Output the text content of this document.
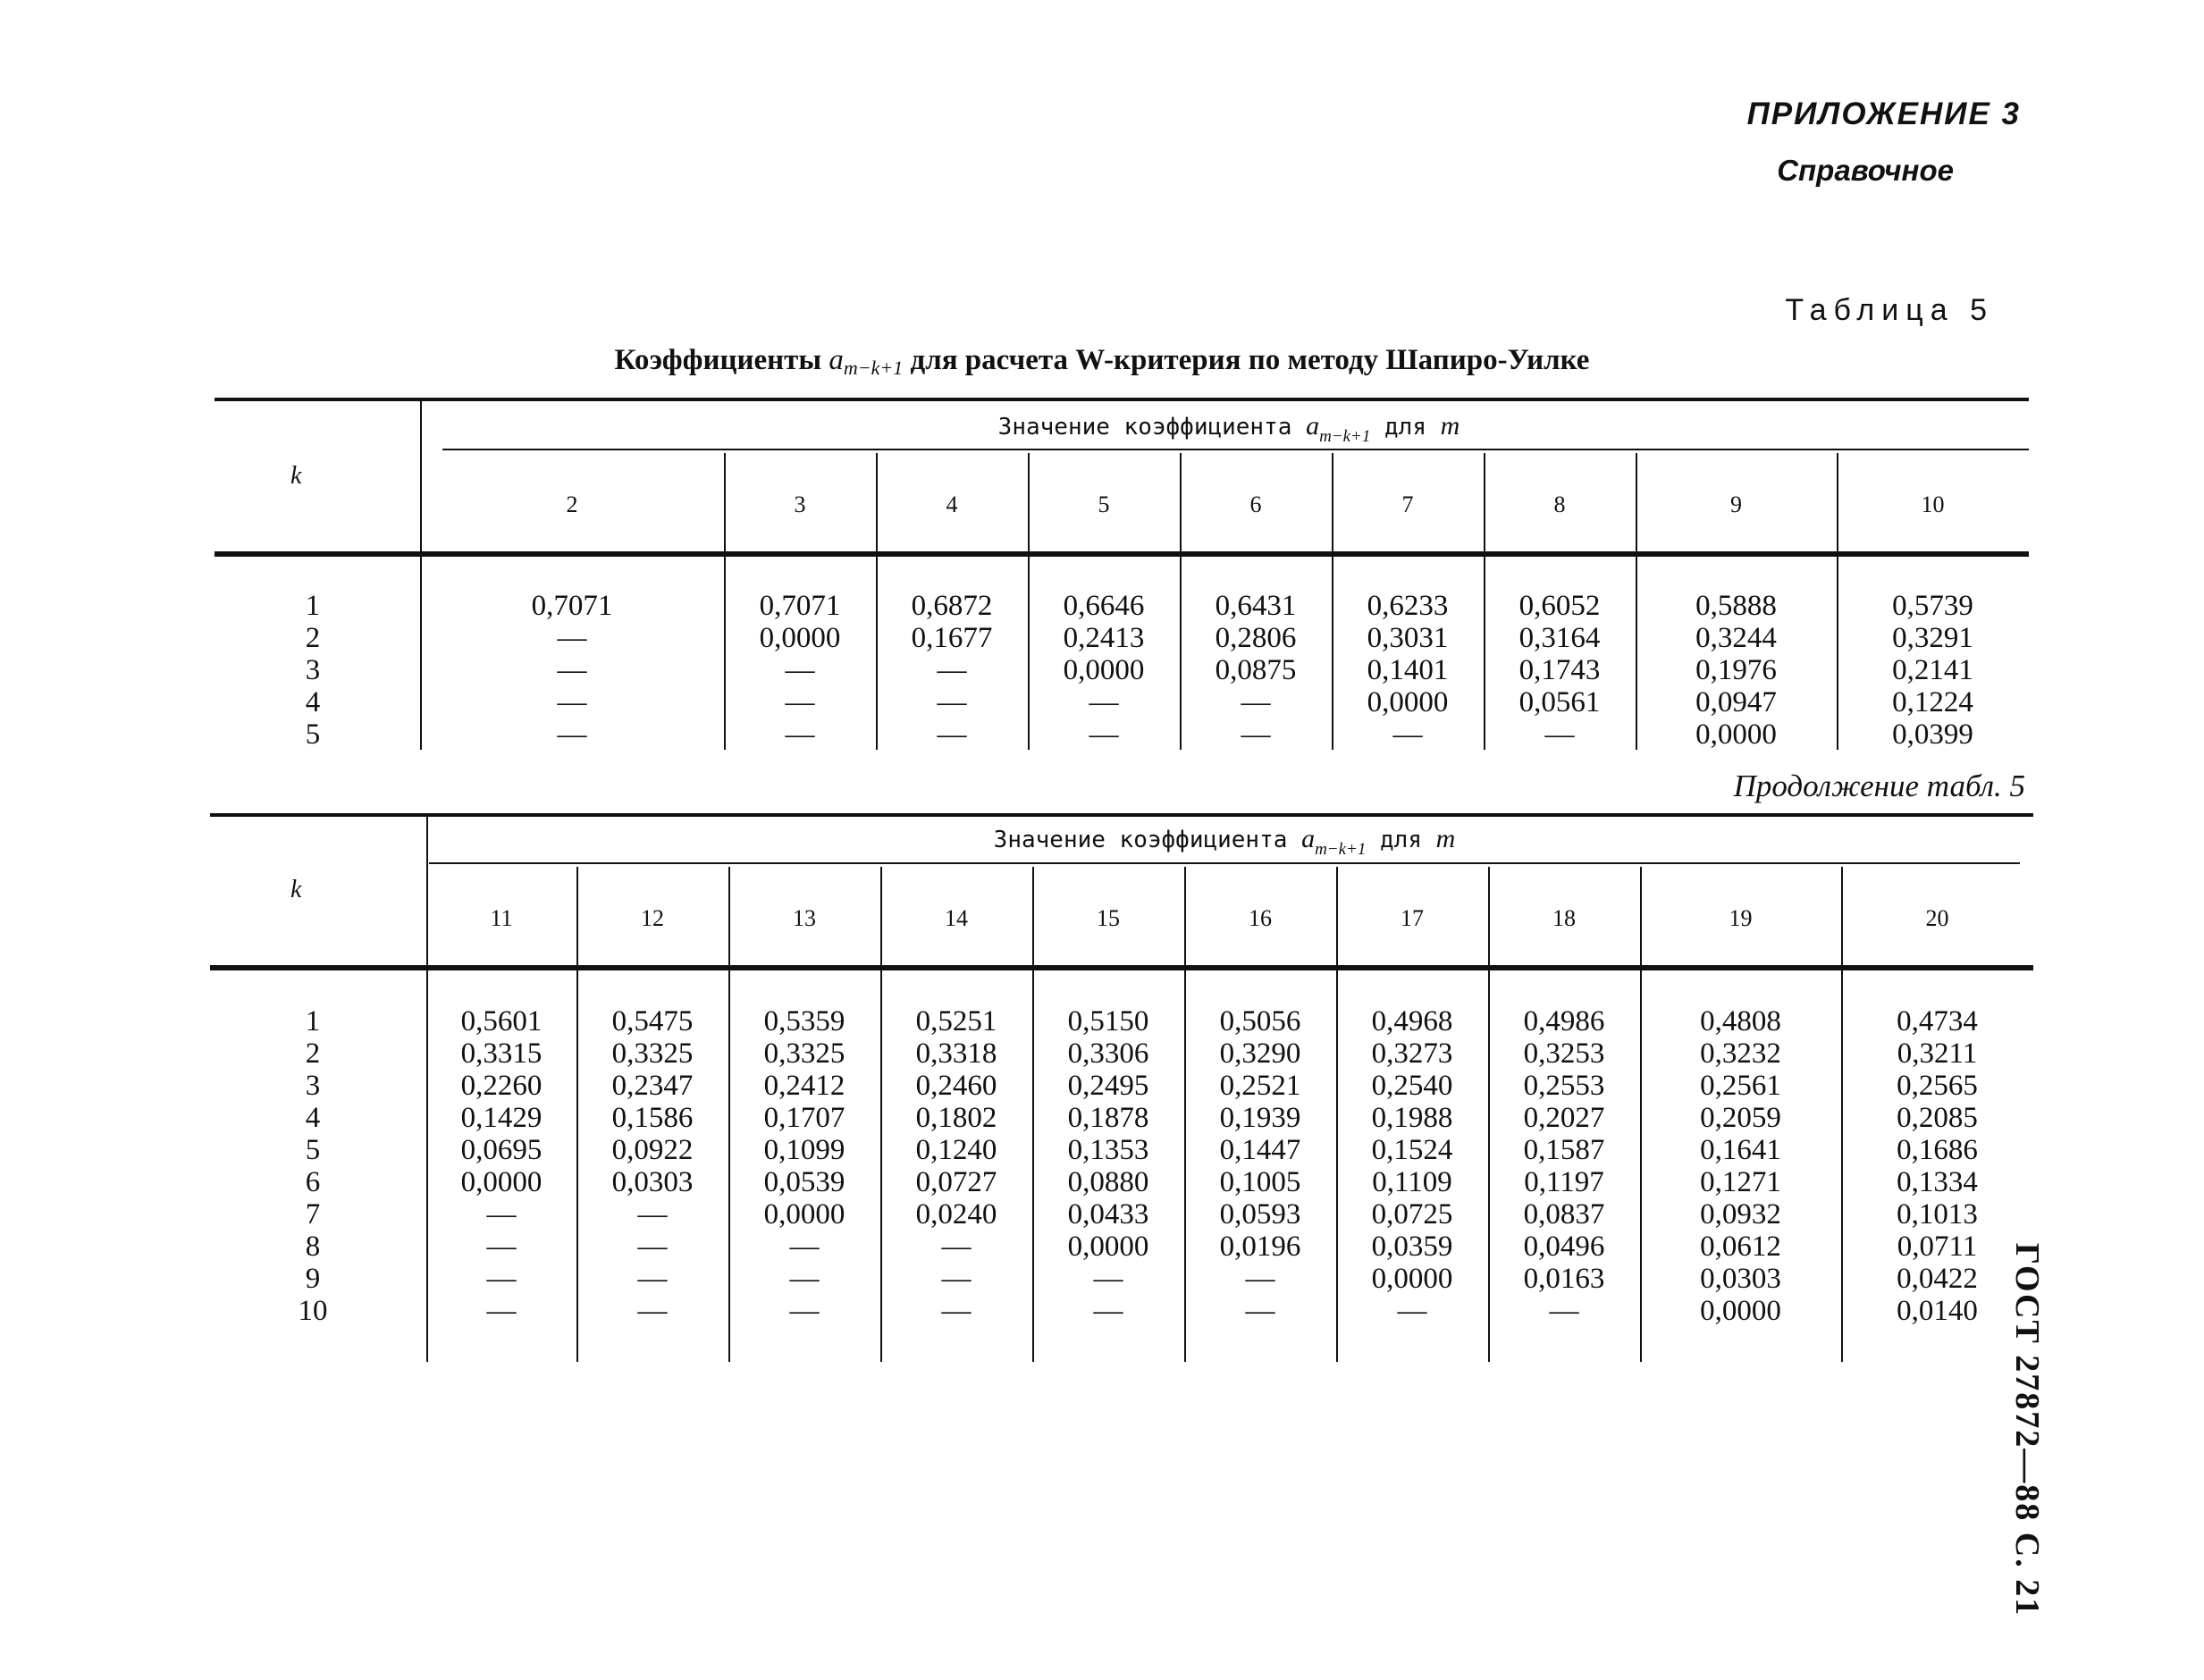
ПРИЛОЖЕНИЕ 3
Справочное
Таблица 5
Коэффициенты $a_{m-k+1}$ для расчета W-критерия по методу Шапиро-Уилке
k
Значение коэффициента $a_{m-k+1}$ для m
1
2
3
4
5
2
0,7071
—
—
—
—
3
0,7071
0,0000
—
—
—
4
0,6872
0,1677
—
—
—
5
0,6646
0,2413
0,0000
—
—
6
0,6431
0,2806
0,0875
—
—
7
0,6233
0,3031
0,1401
0,0000
—
8
0,6052
0,3164
0,1743
0,0561
—
9
0,5888
0,3244
0,1976
0,0947
0,0000
10
0,5739
0,3291
0,2141
0,1224
0,0399
Продолжение табл. 5
k
Значение коэффициента $a_{m-k+1}$ для m
1
2
3
4
5
6
7
8
9
10
11
0,5601
0,3315
0,2260
0,1429
0,0695
0,0000
—
—
—
—
12
0,5475
0,3325
0,2347
0,1586
0,0922
0,0303
—
—
—
—
13
0,5359
0,3325
0,2412
0,1707
0,1099
0,0539
0,0000
—
—
—
14
0,5251
0,3318
0,2460
0,1802
0,1240
0,0727
0,0240
—
—
—
15
0,5150
0,3306
0,2495
0,1878
0,1353
0,0880
0,0433
0,0000
—
—
16
0,5056
0,3290
0,2521
0,1939
0,1447
0,1005
0,0593
0,0196
—
—
17
0,4968
0,3273
0,2540
0,1988
0,1524
0,1109
0,0725
0,0359
0,0000
—
18
0,4986
0,3253
0,2553
0,2027
0,1587
0,1197
0,0837
0,0496
0,0163
—
19
0,4808
0,3232
0,2561
0,2059
0,1641
0,1271
0,0932
0,0612
0,0303
0,0000
20
0,4734
0,3211
0,2565
0,2085
0,1686
0,1334
0,1013
0,0711
0,0422
0,0140 ГОСТ 27872—88 С. 21
